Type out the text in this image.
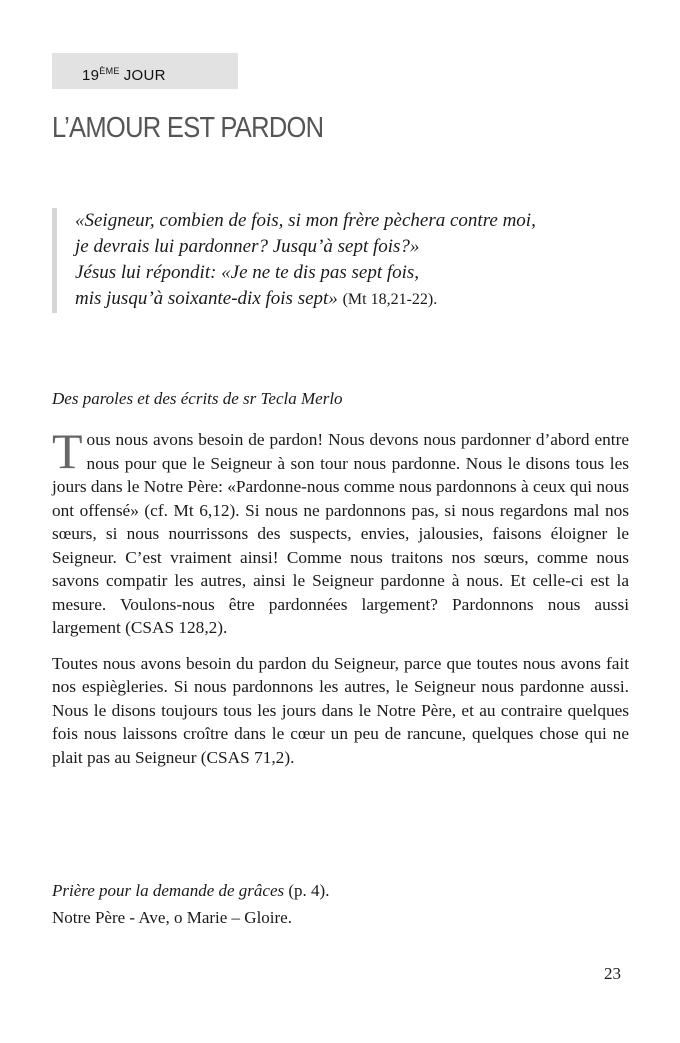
19ÈME JOUR
L’AMOUR EST PARDON
«Seigneur, combien de fois, si mon frère pèchera contre moi,
je devrais lui pardonner? Jusqu’à sept fois?»
Jésus lui répondit: «Je ne te dis pas sept fois,
mis jusqu’à soixante-dix fois sept» (Mt 18,21-22).
Des paroles et des écrits de sr Tecla Merlo

Tous nous avons besoin de pardon! Nous devons nous pardonner d’abord entre nous pour que le Seigneur à son tour nous pardonne. Nous le disons tous les jours dans le Notre Père: «Pardonne-nous comme nous pardonnons à ceux qui nous ont offensé» (cf. Mt 6,12). Si nous ne pardonnons pas, si nous regardons mal nos sœurs, si nous nourrissons des suspects, envies, jalousies, faisons éloigner le Seigneur. C’est vraiment ainsi! Comme nous traitons nos sœurs, comme nous savons compatir les autres, ainsi le Seigneur pardonne à nous. Et celle-ci est la mesure. Voulons-nous être pardonnées largement? Pardonnons nous aussi largement (CSAS 128,2).

Toutes nous avons besoin du pardon du Seigneur, parce que toutes nous avons fait nos espiègleries. Si nous pardonnons les autres, le Seigneur nous pardonne aussi. Nous le disons toujours tous les jours dans le Notre Père, et au contraire quelques fois nous laissons croître dans le cœur un peu de rancune, quelques chose qui ne plait pas au Seigneur (CSAS 71,2).

Prière pour la demande de grâces (p. 4).
Notre Père - Ave, o Marie – Gloire.
23
